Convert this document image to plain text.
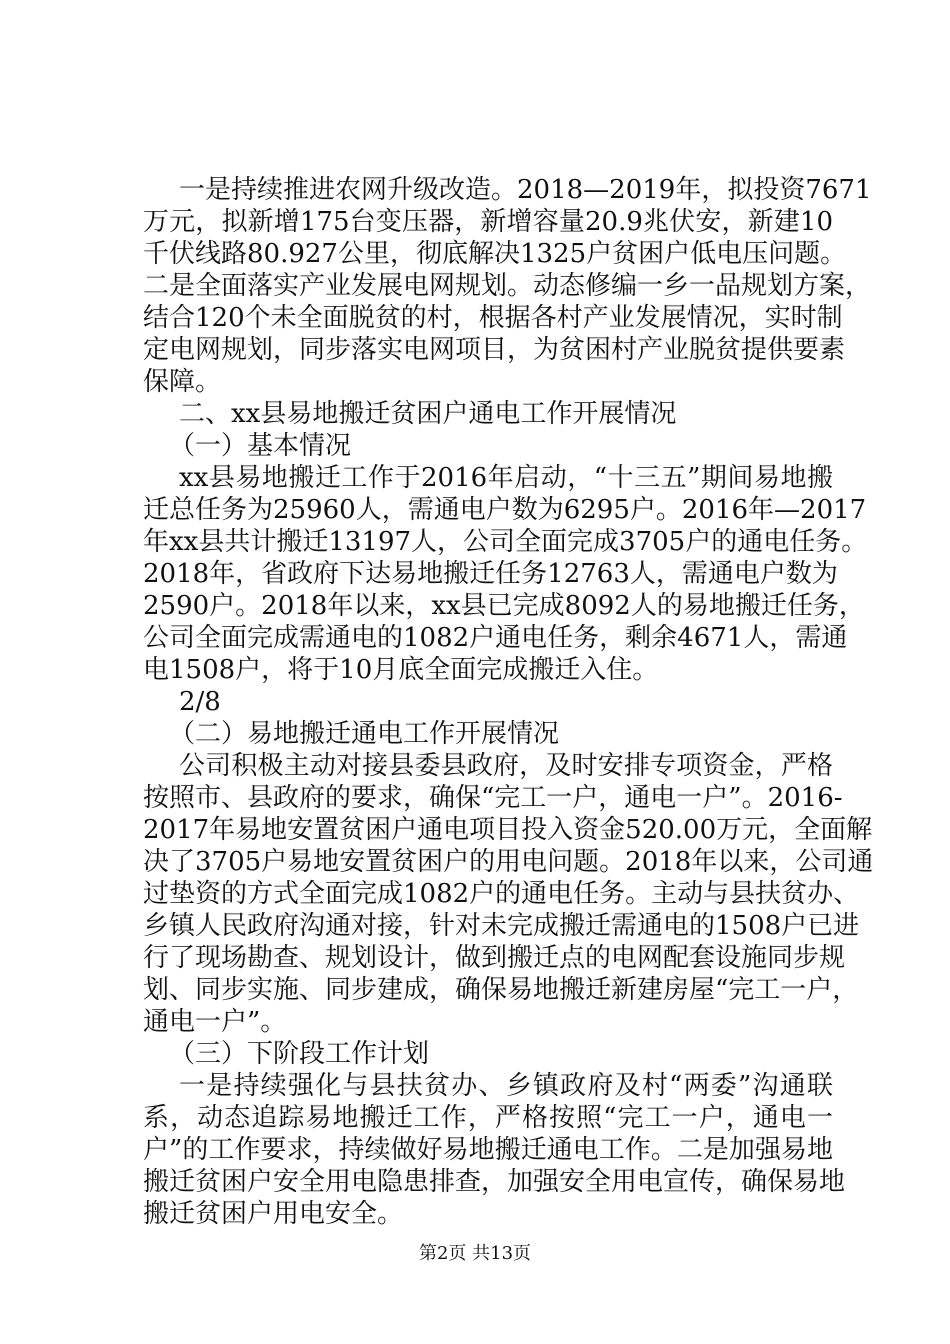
一是持续推进农网升级改造。2018—2019年，拟投资7671
万元，拟新增175台变压器，新增容量20.9兆伏安，新建10
千伏线路80.927公里，彻底解决1325户贫困户低电压问题。
二是全面落实产业发展电网规划。动态修编一乡一品规划方案，
结合120个未全面脱贫的村，根据各村产业发展情况，实时制
定电网规划，同步落实电网项目，为贫困村产业脱贫提供要素
保障。
二、xx县易地搬迁贫困户通电工作开展情况
（一）基本情况
xx县易地搬迁工作于2016年启动，“十三五”期间易地搬
迁总任务为25960人，需通电户数为6295户。2016年—2017
年xx县共计搬迁13197人，公司全面完成3705户的通电任务。
2018年，省政府下达易地搬迁任务12763人，需通电户数为
2590户。2018年以来，xx县已完成8092人的易地搬迁任务，
公司全面完成需通电的1082户通电任务，剩余4671人，需通
电1508户，将于10月底全面完成搬迁入住。
2/8
（二）易地搬迁通电工作开展情况
公司积极主动对接县委县政府，及时安排专项资金，严格
按照市、县政府的要求，确保“完工一户，通电一户”。2016-
2017年易地安置贫困户通电项目投入资金520.00万元，全面解
决了3705户易地安置贫困户的用电问题。2018年以来，公司通
过垫资的方式全面完成1082户的通电任务。主动与县扶贫办、
乡镇人民政府沟通对接，针对未完成搬迁需通电的1508户已进
行了现场勘查、规划设计，做到搬迁点的电网配套设施同步规
划、同步实施、同步建成，确保易地搬迁新建房屋“完工一户，
通电一户”。
（三）下阶段工作计划
一是持续强化与县扶贫办、乡镇政府及村“两委”沟通联
系，动态追踪易地搬迁工作，严格按照“完工一户，通电一
户”的工作要求，持续做好易地搬迁通电工作。二是加强易地
搬迁贫困户安全用电隐患排查，加强安全用电宣传，确保易地
搬迁贫困户用电安全。
第2页 共13页
